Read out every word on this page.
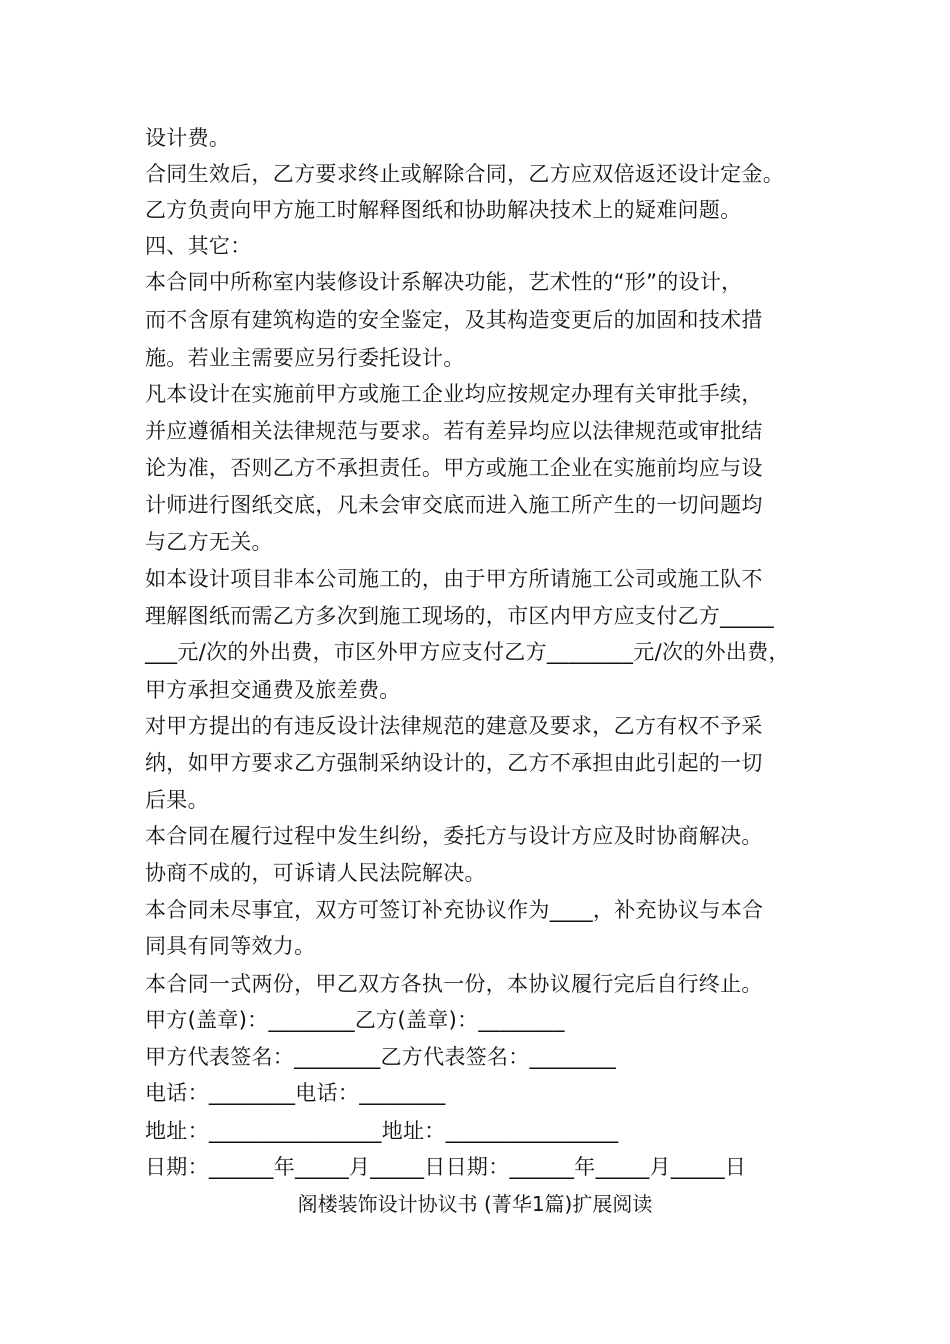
设计费。
合同生效后，乙方要求终止或解除合同，乙方应双倍返还设计定金。
乙方负责向甲方施工时解释图纸和协助解决技术上的疑难问题。
四、其它：
本合同中所称室内装修设计系解决功能，艺术性的“形”的设计，
而不含原有建筑构造的安全鉴定，及其构造变更后的加固和技术措
施。若业主需要应另行委托设计。
凡本设计在实施前甲方或施工企业均应按规定办理有关审批手续，
并应遵循相关法律规范与要求。若有差异均应以法律规范或审批结
论为准，否则乙方不承担责任。甲方或施工企业在实施前均应与设
计师进行图纸交底，凡未会审交底而进入施工所产生的一切问题均
与乙方无关。
如本设计项目非本公司施工的，由于甲方所请施工公司或施工队不
理解图纸而需乙方多次到施工现场的，市区内甲方应支付乙方_____
___元/次的外出费，市区外甲方应支付乙方________元/次的外出费，
甲方承担交通费及旅差费。
对甲方提出的有违反设计法律规范的建意及要求，乙方有权不予采
纳，如甲方要求乙方强制采纳设计的，乙方不承担由此引起的一切
后果。
本合同在履行过程中发生纠纷，委托方与设计方应及时协商解决。
协商不成的，可诉请人民法院解决。
本合同未尽事宜，双方可签订补充协议作为____，补充协议与本合
同具有同等效力。
本合同一式两份，甲乙双方各执一份，本协议履行完后自行终止。
甲方(盖章)：________乙方(盖章)：________
甲方代表签名：________乙方代表签名：________
电话：________电话：________
地址：________________地址：________________
日期：______年_____月_____日日期：______年_____月_____日
阁楼装饰设计协议书 (菁华1篇)扩展阅读
